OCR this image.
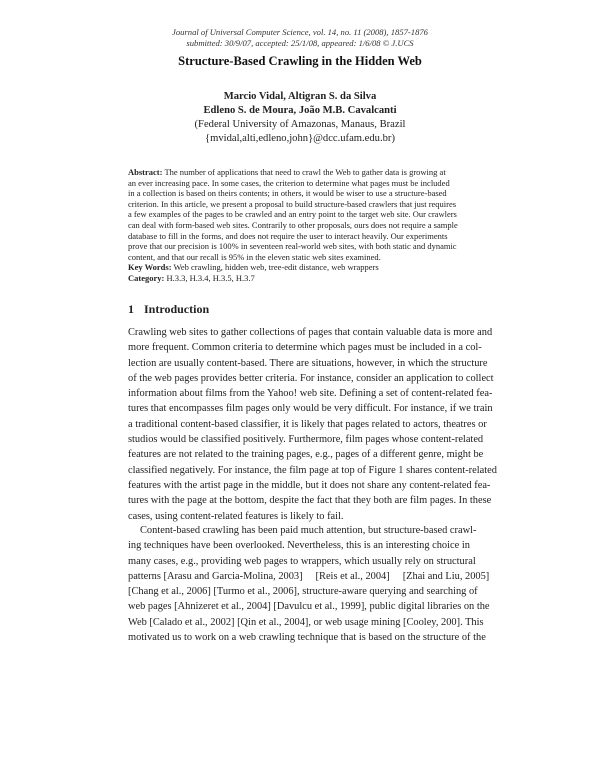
Journal of Universal Computer Science, vol. 14, no. 11 (2008), 1857-1876
submitted: 30/9/07, accepted: 25/1/08, appeared: 1/6/08 © J.UCS
Structure-Based Crawling in the Hidden Web
Marcio Vidal, Altigran S. da Silva
Edleno S. de Moura, João M.B. Cavalcanti
(Federal University of Amazonas, Manaus, Brazil
{mvidal,alti,edleno,john}@dcc.ufam.edu.br)
Abstract: The number of applications that need to crawl the Web to gather data is growing at
an ever increasing pace. In some cases, the criterion to determine what pages must be included
in a collection is based on theirs contents; in others, it would be wiser to use a structure-based
criterion. In this article, we present a proposal to build structure-based crawlers that just requires
a few examples of the pages to be crawled and an entry point to the target web site. Our crawlers
can deal with form-based web sites. Contrarily to other proposals, ours does not require a sample
database to fill in the forms, and does not require the user to interact heavily. Our experiments
prove that our precision is 100% in seventeen real-world web sites, with both static and dynamic
content, and that our recall is 95% in the eleven static web sites examined.
Key Words: Web crawling, hidden web, tree-edit distance, web wrappers
Category: H.3.3, H.3.4, H.3.5, H.3.7
1 Introduction
Crawling web sites to gather collections of pages that contain valuable data is more and
more frequent. Common criteria to determine which pages must be included in a col-
lection are usually content-based. There are situations, however, in which the structure
of the web pages provides better criteria. For instance, consider an application to collect
information about films from the Yahoo! web site. Defining a set of content-related fea-
tures that encompasses film pages only would be very difficult. For instance, if we train
a traditional content-based classifier, it is likely that pages related to actors, theatres or
studios would be classified positively. Furthermore, film pages whose content-related
features are not related to the training pages, e.g., pages of a different genre, might be
classified negatively. For instance, the film page at top of Figure 1 shares content-related
features with the artist page in the middle, but it does not share any content-related fea-
tures with the page at the bottom, despite the fact that they both are film pages. In these
cases, using content-related features is likely to fail.
Content-based crawling has been paid much attention, but structure-based crawl-
ing techniques have been overlooked. Nevertheless, this is an interesting choice in
many cases, e.g., providing web pages to wrappers, which usually rely on structural
patterns [Arasu and Garcia-Molina, 2003]     [Reis et al., 2004]     [Zhai and Liu, 2005]
[Chang et al., 2006] [Turmo et al., 2006], structure-aware querying and searching of
web pages [Ahnizeret et al., 2004] [Davulcu et al., 1999], public digital libraries on the
Web [Calado et al., 2002] [Qin et al., 2004], or web usage mining [Cooley, 200]. This
motivated us to work on a web crawling technique that is based on the structure of the
